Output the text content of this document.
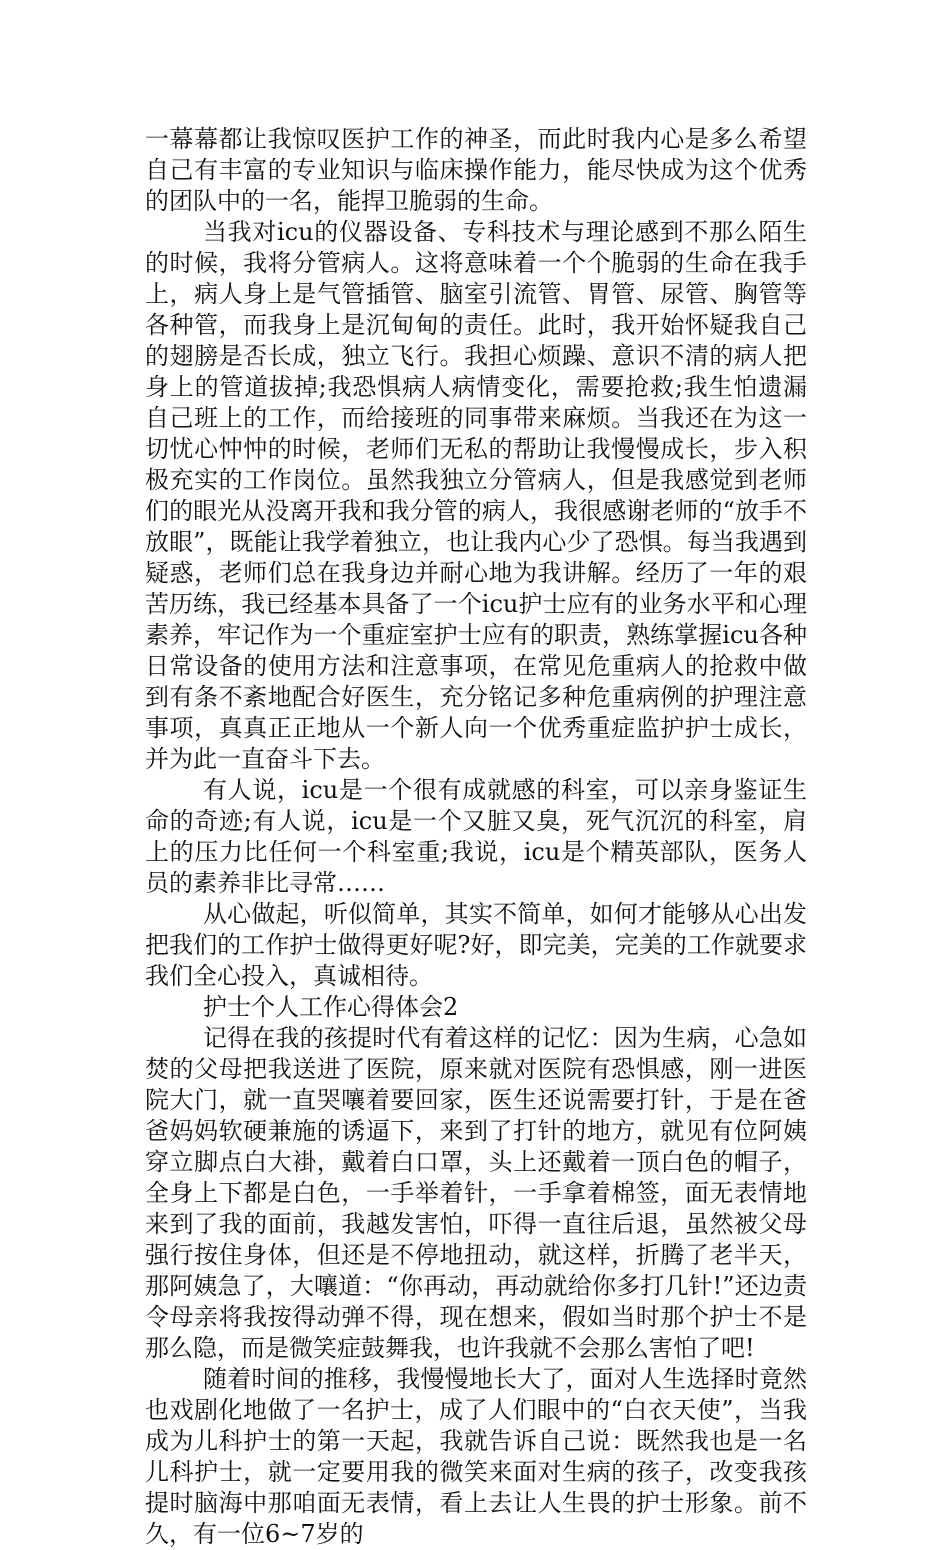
一幕幕都让我惊叹医护工作的神圣，而此时我内心是多么希望自己有丰富的专业知识与临床操作能力，能尽快成为这个优秀的团队中的一名，能捍卫脆弱的生命。

当我对icu的仪器设备、专科技术与理论感到不那么陌生的时候，我将分管病人。这将意味着一个个脆弱的生命在我手上，病人身上是气管插管、脑室引流管、胃管、尿管、胸管等各种管，而我身上是沉甸甸的责任。此时，我开始怀疑我自己的翅膀是否长成，独立飞行。我担心烦躁、意识不清的病人把身上的管道拔掉;我恐惧病人病情变化，需要抢救;我生怕遗漏自己班上的工作，而给接班的同事带来麻烦。当我还在为这一切忧心忡忡的时候，老师们无私的帮助让我慢慢成长，步入积极充实的工作岗位。虽然我独立分管病人，但是我感觉到老师们的眼光从没离开我和我分管的病人，我很感谢老师的“放手不放眼”，既能让我学着独立，也让我内心少了恐惧。每当我遇到疑惑，老师们总在我身边并耐心地为我讲解。经历了一年的艰苦历练，我已经基本具备了一个icu护士应有的业务水平和心理素养，牢记作为一个重症室护士应有的职责，熟练掌握icu各种日常设备的使用方法和注意事项，在常见危重病人的抢救中做到有条不紊地配合好医生，充分铭记多种危重病例的护理注意事项，真真正正地从一个新人向一个优秀重症监护护士成长，并为此一直奋斗下去。

有人说，icu是一个很有成就感的科室，可以亲身鉴证生命的奇迹;有人说，icu是一个又脏又臭，死气沉沉的科室，肩上的压力比任何一个科室重;我说，icu是个精英部队，医务人员的素养非比寻常……

从心做起，听似简单，其实不简单，如何才能够从心出发把我们的工作护士做得更好呢?好，即完美，完美的工作就要求我们全心投入，真诚相待。

护士个人工作心得体会2

记得在我的孩提时代有着这样的记忆：因为生病，心急如焚的父母把我送进了医院，原来就对医院有恐惧感，刚一进医院大门，就一直哭嚷着要回家，医生还说需要打针，于是在爸爸妈妈软硬兼施的诱逼下，来到了打针的地方，就见有位阿姨穿立脚点白大褂，戴着白口罩，头上还戴着一顶白色的帽子，全身上下都是白色，一手举着针，一手拿着棉签，面无表情地来到了我的面前，我越发害怕，吓得一直往后退，虽然被父母强行按住身体，但还是不停地扭动，就这样，折腾了老半天，那阿姨急了，大嚷道：“你再动，再动就给你多打几针!”还边责令母亲将我按得动弹不得，现在想来，假如当时那个护士不是那么隐，而是微笑症鼓舞我，也许我就不会那么害怕了吧!

随着时间的推移，我慢慢地长大了，面对人生选择时竟然也戏剧化地做了一名护士，成了人们眼中的“白衣天使”，当我成为儿科护士的第一天起，我就告诉自己说：既然我也是一名儿科护士，就一定要用我的微笑来面对生病的孩子，改变我孩提时脑海中那咱面无表情，看上去让人生畏的护士形象。前不久，有一位6~7岁的
